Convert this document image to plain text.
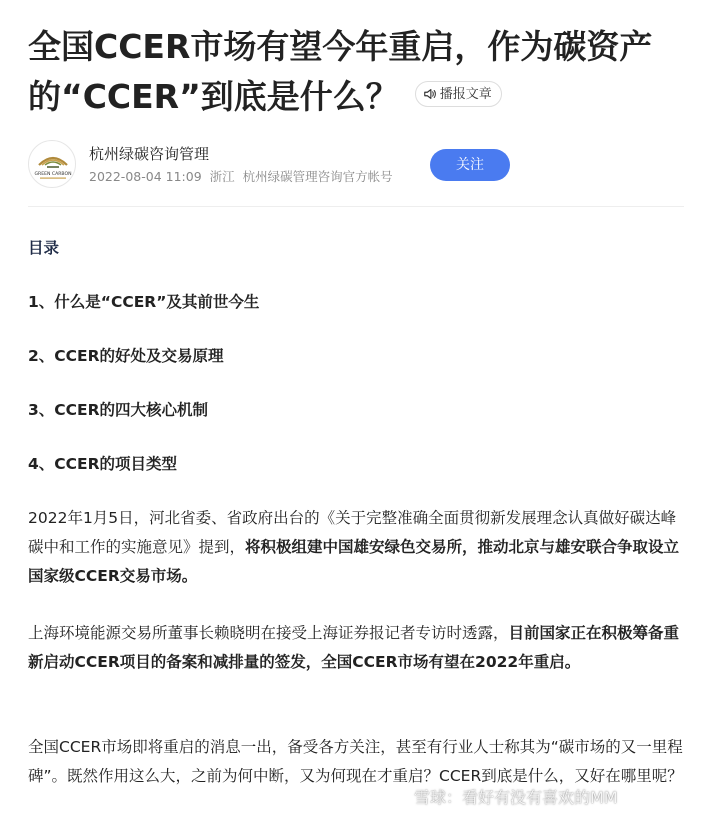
全国CCER市场有望今年重启，作为碳资产的“CCER”到底是什么？	播报文章
GREEN CARBON
杭州绿碳咨询管理
2022-08-04 11:09 浙江 杭州绿碳管理咨询官方帐号
关注
目录
1、什么是“CCER”及其前世今生
2、CCER的好处及交易原理
3、CCER的四大核心机制
4、CCER的项目类型

2022年1月5日，河北省委、省政府出台的《关于完整准确全面贯彻新发展理念认真做好碳达峰碳中和工作的实施意见》提到，将积极组建中国雄安绿色交易所，推动北京与雄安联合争取设立国家级CCER交易市场。

上海环境能源交易所董事长赖晓明在接受上海证券报记者专访时透露，目前国家正在积极筹备重新启动CCER项目的备案和减排量的签发，全国CCER市场有望在2022年重启。

全国CCER市场即将重启的消息一出，备受各方关注，甚至有行业人士称其为“碳市场的又一里程碑”。既然作用这么大，之前为何中断，又为何现在才重启？CCER到底是什么，又好在哪里呢？

雪球：看好有没有喜欢的MM
